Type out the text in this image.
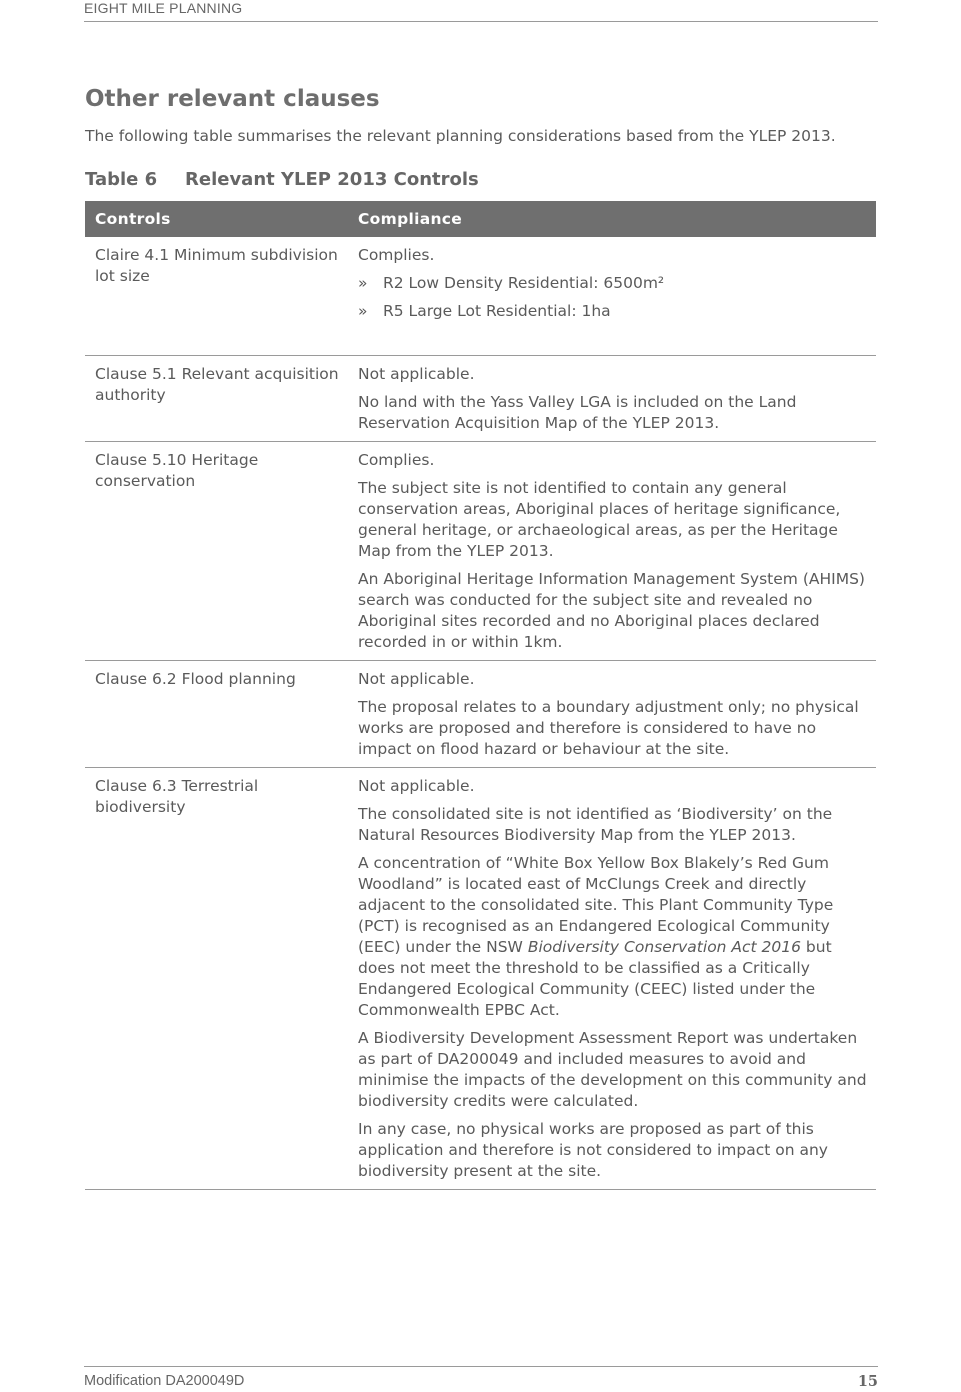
EIGHT MILE PLANNING
Other relevant clauses

The following table summarises the relevant planning considerations based from the YLEP 2013.

Table 6 Relevant YLEP 2013 Controls

Controls	Compliance
Claire 4.1 Minimum subdivision lot size	Complies.

» R2 Low Density Residential: 6500m²

» R5 Large Lot Residential: 1ha

Clause 5.1 Relevant acquisition authority	Not applicable.

No land with the Yass Valley LGA is included on the Land Reservation Acquisition Map of the YLEP 2013.

Clause 5.10 Heritage conservation	Complies.

The subject site is not identified to contain any general conservation areas, Aboriginal places of heritage significance, general heritage, or archaeological areas, as per the Heritage Map from the YLEP 2013.

An Aboriginal Heritage Information Management System (AHIMS) search was conducted for the subject site and revealed no Aboriginal sites recorded and no Aboriginal places declared recorded in or within 1km.

Clause 6.2 Flood planning	Not applicable.

The proposal relates to a boundary adjustment only; no physical works are proposed and therefore is considered to have no impact on flood hazard or behaviour at the site.

Clause 6.3 Terrestrial biodiversity	Not applicable.

The consolidated site is not identified as ‘Biodiversity’ on the Natural Resources Biodiversity Map from the YLEP 2013.

A concentration of “White Box Yellow Box Blakely’s Red Gum Woodland” is located east of McClungs Creek and directly adjacent to the consolidated site. This Plant Community Type (PCT) is recognised as an Endangered Ecological Community (EEC) under the NSW Biodiversity Conservation Act 2016 but does not meet the threshold to be classified as a Critically Endangered Ecological Community (CEEC) listed under the Commonwealth EPBC Act.

A Biodiversity Development Assessment Report was undertaken as part of DA200049 and included measures to avoid and minimise the impacts of the development on this community and biodiversity credits were calculated.

In any case, no physical works are proposed as part of this application and therefore is not considered to impact on any biodiversity present at the site.

Modification DA200049D	15
